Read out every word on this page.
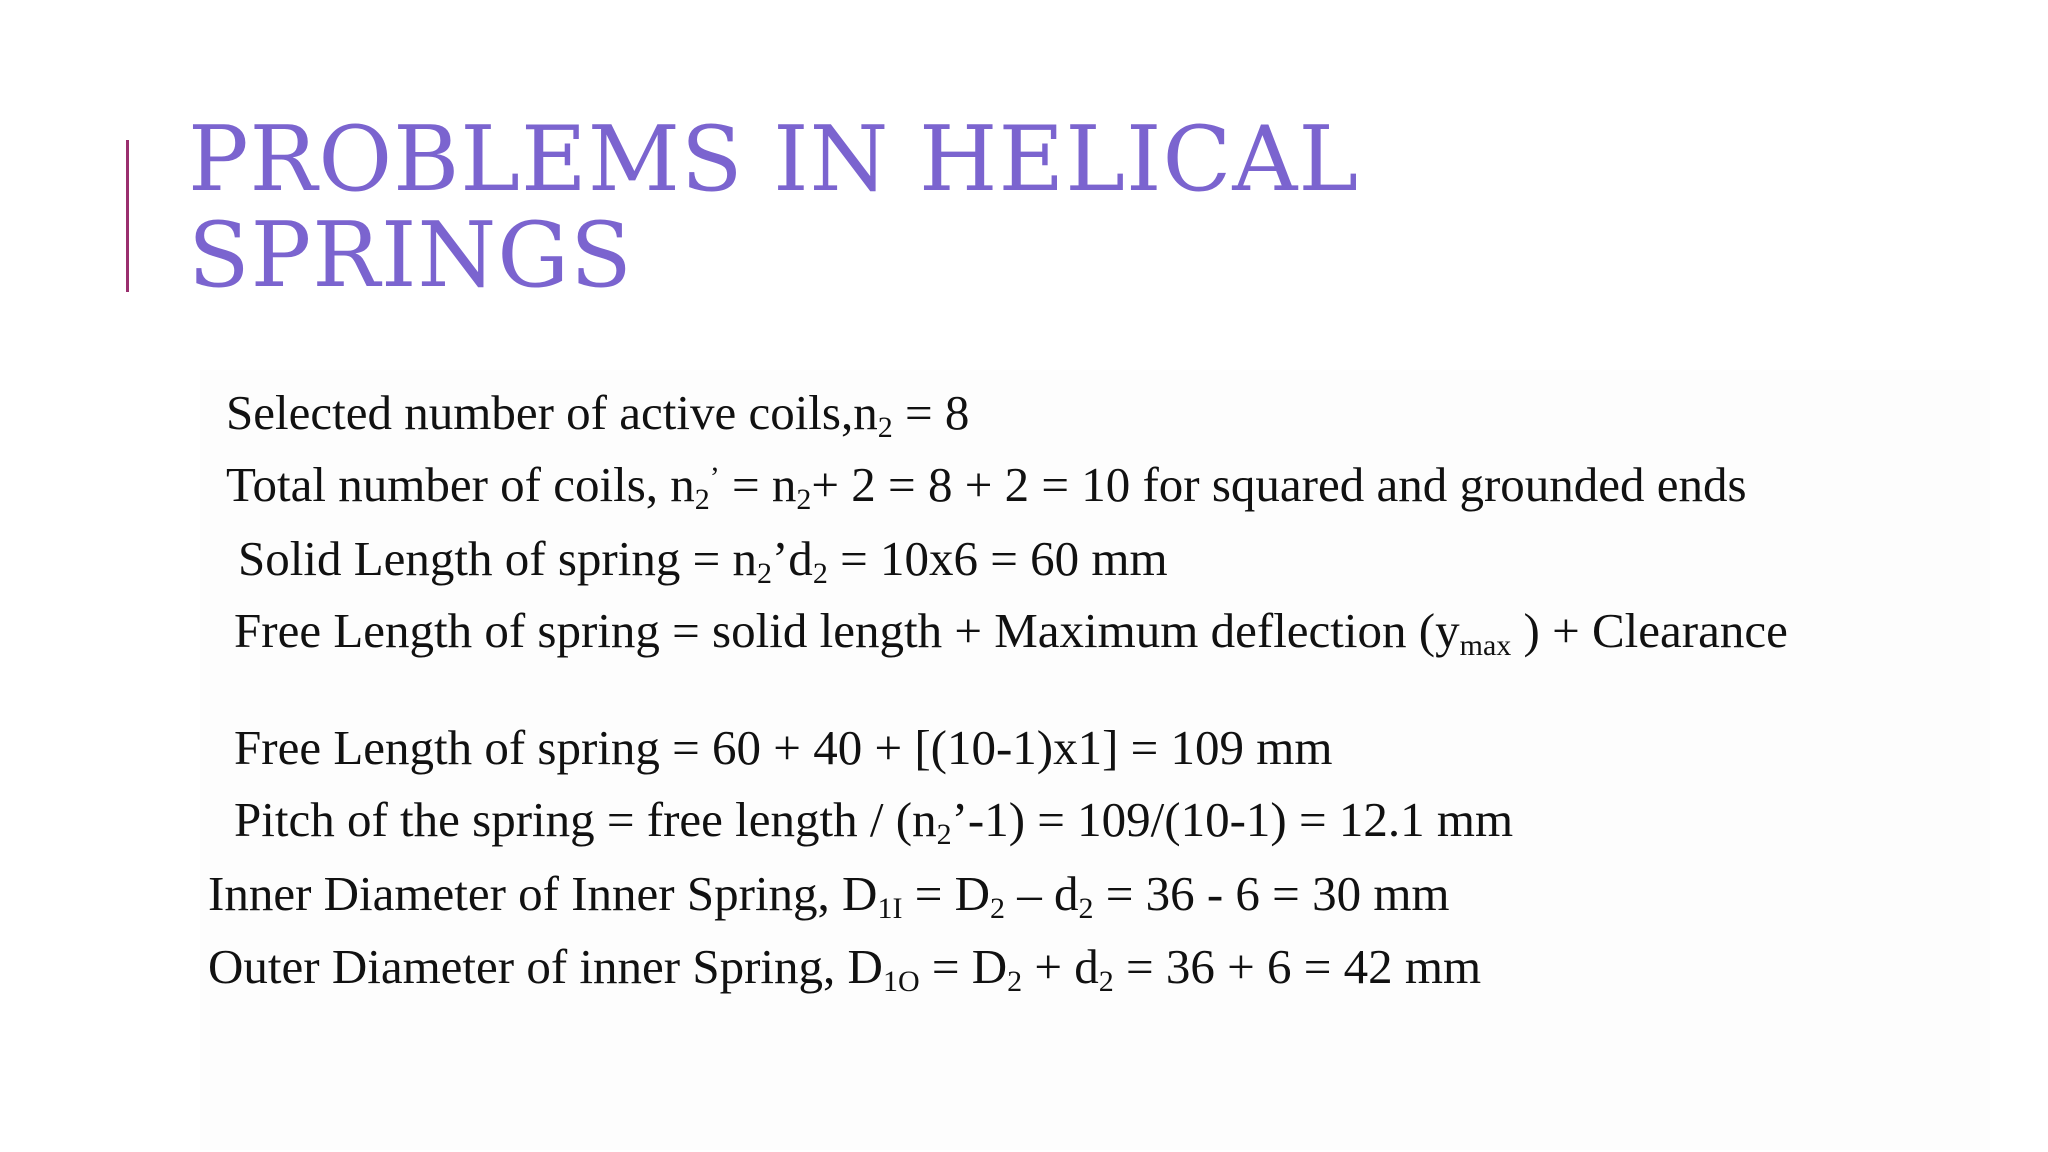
PROBLEMS IN HELICAL
SPRINGS

Selected number of active $coils,n_2 = 8$

Total number of coils, $n_2^’ = n_2+ 2 = 8 + 2 = 10$ for squared and grounded ends

Solid Length of spring = $n_2’d_2 = 10x6 = 60$ mm

Free Length of spring = solid length + Maximum deflection ($y_{max}$ ) + Clearance

Free Length of spring = 60 + 40 + [(10-1)x1] = 109 mm

Pitch of the spring = free length / $(n_2’-1) = 109/(10-1) = 12.1$ mm

Inner Diameter of Inner Spring, $D_{1I} = D_2 - d_2 = 36 - 6 = 30$ mm

Outer Diameter of inner Spring, $D_{1O} = D_2 + d_2 = 36 + 6 = 42$ mm
